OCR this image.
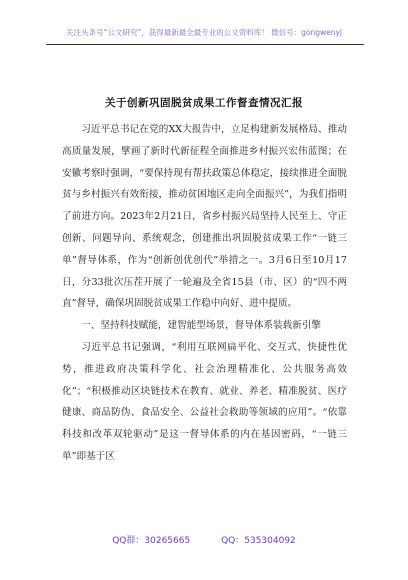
关注头条号“公文研究”，获得最新最全最专业的公文资料库！ 微信号：gongwenyj
关于创新巩固脱贫成果工作督查情况汇报

习近平总书记在党的XX大报告中，立足构建新发展格局、推动高质量发展，擘画了新时代新征程全面推进乡村振兴宏伟蓝图；在安徽考察时强调，“要保持现有帮扶政策总体稳定，接续推进全面脱贫与乡村振兴有效衔接，推动贫困地区走向全面振兴”，为我们指明了前进方向。2023年2月21日，省乡村振兴局坚持人民至上、守正创新、问题导向、系统观念，创建推出巩固脱贫成果工作“一链三单”督导体系，作为“创新创优创代”举措之一。3月6日至10月17日，分33批次压茬开展了一轮遍及全省15县（市、区）的“四不两直”督导，确保巩固脱贫成果工作稳中向好、进中提质。

一、坚持科技赋能，建智能型场景，督导体系装载新引擎

习近平总书记强调，“利用互联网扁平化、交互式、快捷性优势，推进政府决策科学化、社会治理精准化、公共服务高效化”；“积极推动区块链技术在教育、就业、养老、精准脱贫、医疗健康、商品防伪、食品安全、公益社会救助等领域的应用”。“依靠科技和改革双轮驱动”是这一督导体系的内在基因密码，“一链三单”即基于区

QQ群：30265665	QQ：535304092
